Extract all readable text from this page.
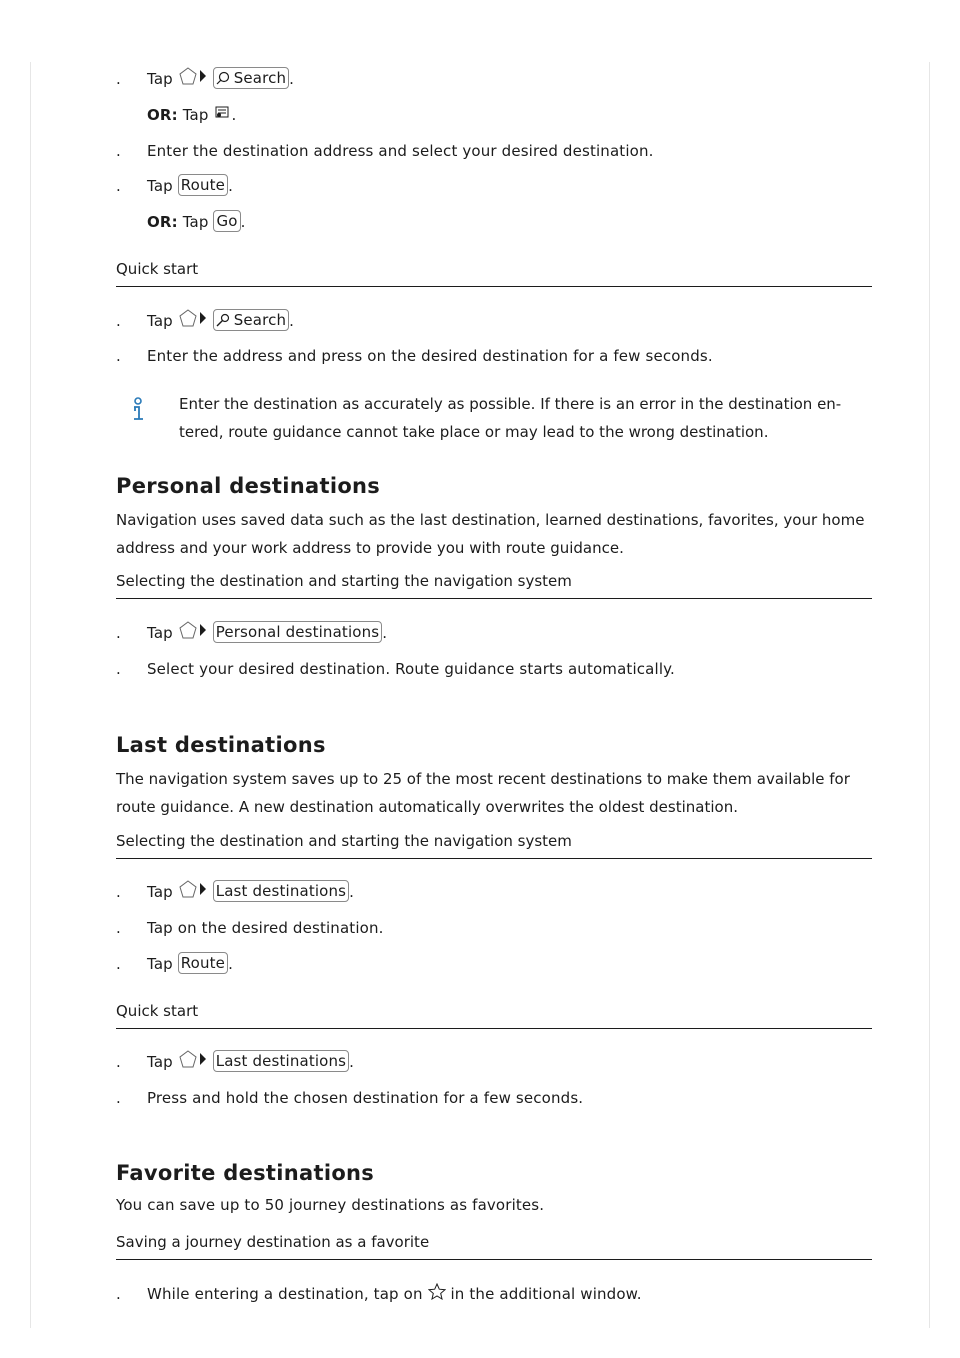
. Tap	Search .
OR: Tap .
. Enter the destination address and select your desired destination.
. Tap Route .
OR: Tap Go .
Quick start
. Tap	Search .
. Enter the address and press on the desired destination for a few seconds.
Enter the destination as accurately as possible. If there is an error in the destination en-tered, route guidance cannot take place or may lead to the wrong destination.
Personal destinations
Navigation uses saved data such as the last destination, learned destinations, favorites, your home address and your work address to provide you with route guidance.
Selecting the destination and starting the navigation system
. Tap	Personal destinations .
. Select your desired destination. Route guidance starts automatically.
Last destinations
The navigation system saves up to 25 of the most recent destinations to make them available for route guidance. A new destination automatically overwrites the oldest destination.
Selecting the destination and starting the navigation system
. Tap	Last destinations .
. Tap on the desired destination.
. Tap Route .
Quick start
. Tap	Last destinations .
. Press and hold the chosen destination for a few seconds.
Favorite destinations
You can save up to 50 journey destinations as favorites.
Saving a journey destination as a favorite
. While entering a destination, tap on in the additional window.
